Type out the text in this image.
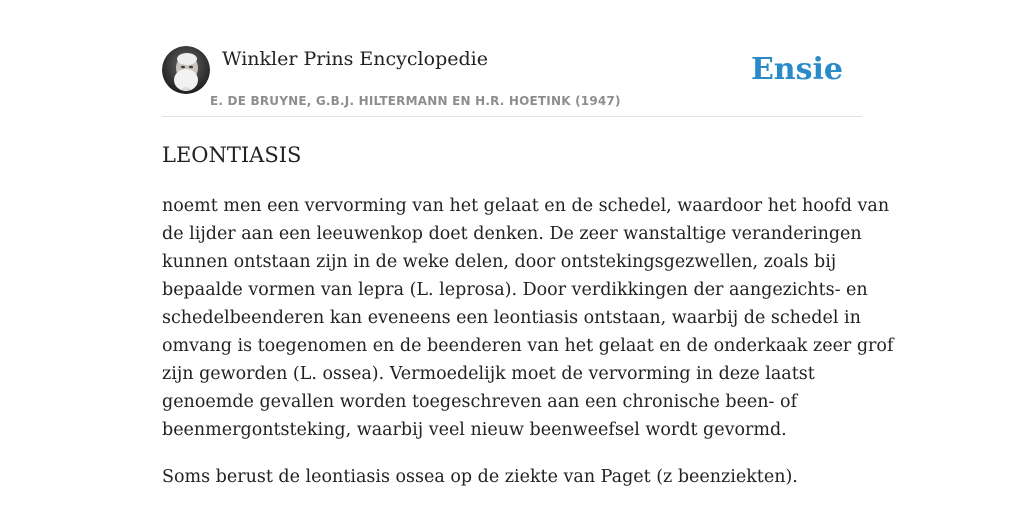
Winkler Prins Encyclopedie
E. DE BRUYNE, G.B.J. HILTERMANN EN H.R. HOETINK (1947)
Ensie
LEONTIASIS

noemt men een vervorming van het gelaat en de schedel, waardoor het hoofd van
de lijder aan een leeuwenkop doet denken. De zeer wanstaltige veranderingen
kunnen ontstaan zijn in de weke delen, door ontstekingsgezwellen, zoals bij
bepaalde vormen van lepra (L. leprosa). Door verdikkingen der aangezichts- en
schedelbeenderen kan eveneens een leontiasis ontstaan, waarbij de schedel in
omvang is toegenomen en de beenderen van het gelaat en de onderkaak zeer grof
zijn geworden (L. ossea). Vermoedelijk moet de vervorming in deze laatst
genoemde gevallen worden toegeschreven aan een chronische been- of
beenmergontsteking, waarbij veel nieuw beenweefsel wordt gevormd.

Soms berust de leontiasis ossea op de ziekte van Paget (z beenziekten).
